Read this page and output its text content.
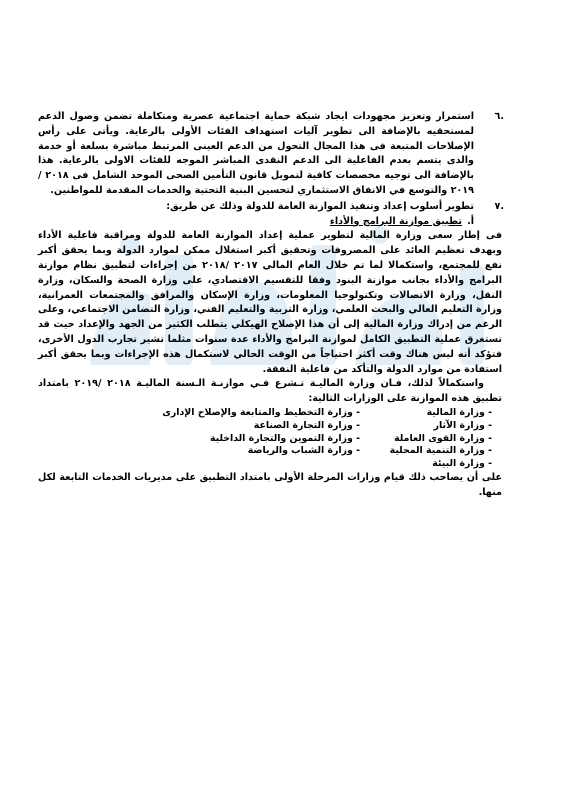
.٦

استمرار وتعزيز مجهودات ايجاد شبكة حماية اجتماعية عصرية ومتكاملة تضمن وصول الدعم لمستحقيه بالإضافة الى تطوير آليات استهداف الفئات الأولى بالرعاية. ويأتى على رأس الإصلاحات المتبعة فى هذا المجال التحول من الدعم العينى المرتبط مباشرة بسلعة أو خدمة والذى يتسم بعدم الفاعلية الى الدعم النقدى المباشر الموجه للفئات الاولى بالرعاية. هذا بالإضافة الى توجيه مخصصات كافية لتمويل قانون التأمين الصحى الموحد الشامل فى ٢٠١٨ /٢٠١٩ والتوسع في الانفاق الاستثماري لتحسين البنية التحتية والخدمات المقدمة للمواطنين.

.٧

تطوير أسلوب إعداد وتنفيذ الموازنة العامة للدولة وذلك عن طريق:

أ.
تطبيق موازنة البرامج والأداء

فى إطار سعى وزارة المالية لتطوير عملية إعداد الموازنة العامة للدولة ومراقبة فاعلية الأداء وبهدف تعظيم العائد على المصروفات وتحقيق أكبر استغلال ممكن لموارد الدولة وبما يحقق أكبر نفع للمجتمع، واستكمالا لما تم خلال العام المالي ٢٠١٧ /٢٠١٨ من إجراءات لتطبيق نظام موازنة البرامج والأداء بجانب موازنة البنود وفقا للتقسيم الاقتصادي، على وزارة الصحة والسكان، وزارة النقل، وزارة الاتصالات وتكنولوجيا المعلومات، وزارة الإسكان والمرافق والمجتمعات العمرانية، وزارة التعليم العالي والبحث العلمي، وزارة التربية والتعليم الفني، وزارة التضامن الاجتماعي، وعلى الرغم من إدراك وزارة المالية إلى أن هذا الإصلاح الهيكلي يتطلب الكثير من الجهد والإعداد حيث قد تستغرق عملية التطبيق الكامل لموازنة البرامج والأداء عدة سنوات مثلما تشير تجارب الدول الأخرى، فتؤكد أنه ليس هناك وقت أكثر احتياجاً من الوقت الحالي لاستكمال هذه الإجراءات وبما يحقق أكبر استفادة من موارد الدولة والتأكد من فاعلية النفقة.

واستكمالاً لذلك، فـان وزارة الماليـة تـشرع فـي موازنـة الـسنة الماليـة ٢٠١٨ /٢٠١٩ بامتداد تطبيق هذه الموازنة على الوزارات التالية:

- وزارة المالية
- وزارة الآثار
- وزارة القوى العاملة
- وزارة التنمية المحلية
- وزارة البيئة
- وزارة التخطيط والمتابعة والإصلاح الإدارى
- وزارة التجارة الصناعة
- وزارة التموين والتجارة الداخلية
- وزارة الشباب والرياضة

على أن يصاحب ذلك قيام وزارات المرحلة الأولى بامتداد التطبيق على مديريات الخدمات التابعة لكل منها.
